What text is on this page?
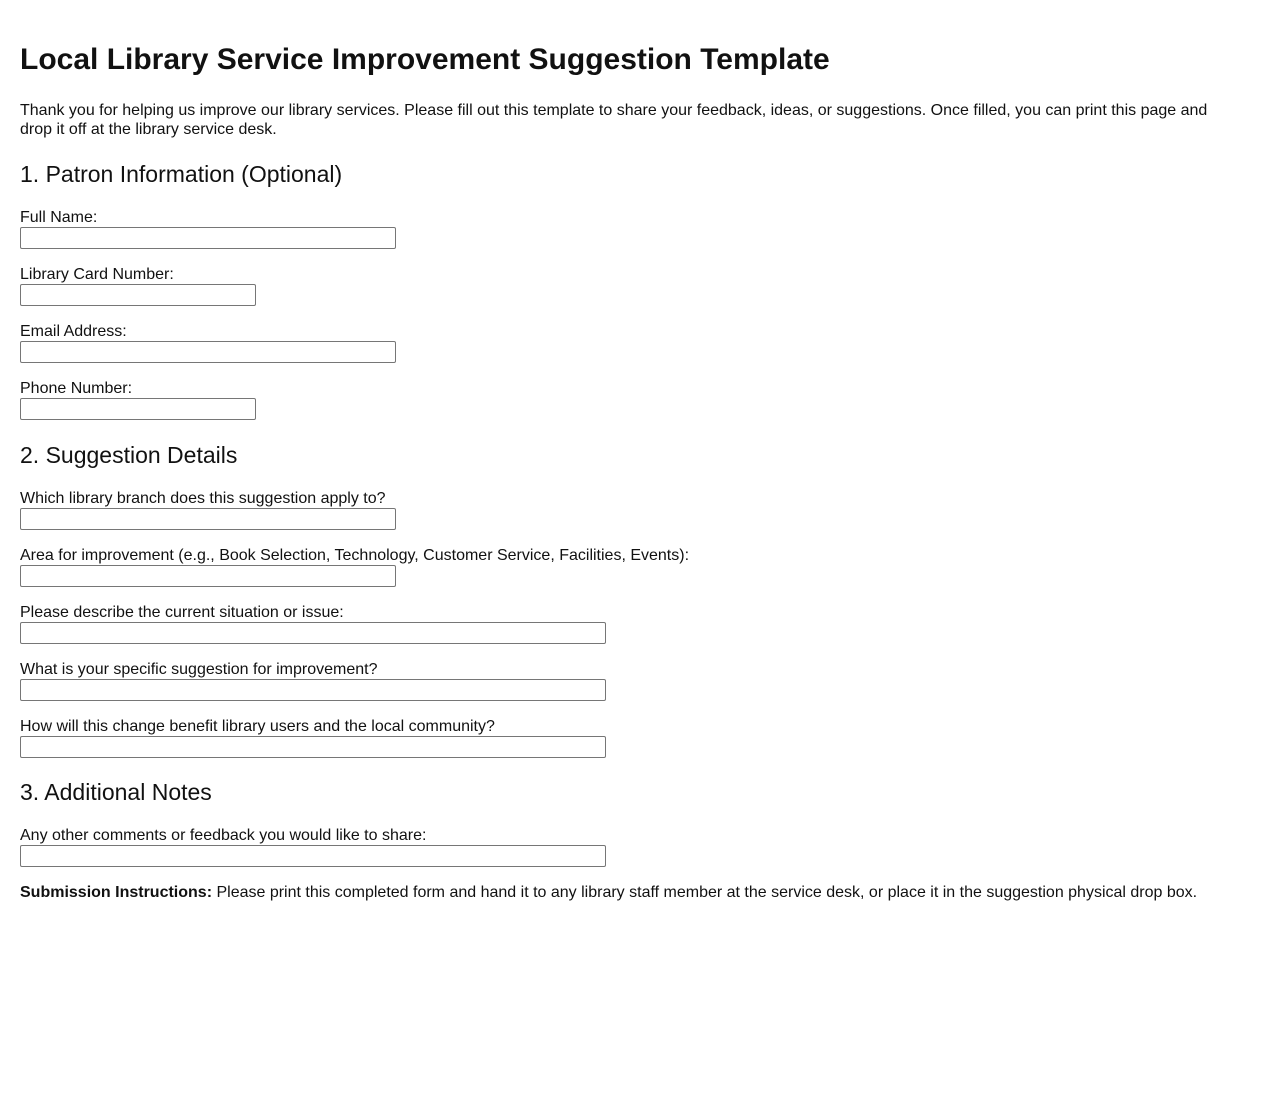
Local Library Service Improvement Suggestion Template

Thank you for helping us improve our library services. Please fill out this template to share your feedback, ideas, or suggestions. Once filled, you can print this page and drop it off at the library service desk.

1. Patron Information (Optional)
Full Name:
Library Card Number:
Email Address:
Phone Number:
2. Suggestion Details
Which library branch does this suggestion apply to?
Area for improvement (e.g., Book Selection, Technology, Customer Service, Facilities, Events):
Please describe the current situation or issue:
What is your specific suggestion for improvement?
How will this change benefit library users and the local community?
3. Additional Notes
Any other comments or feedback you would like to share:

Submission Instructions: Please print this completed form and hand it to any library staff member at the service desk, or place it in the suggestion physical drop box.
